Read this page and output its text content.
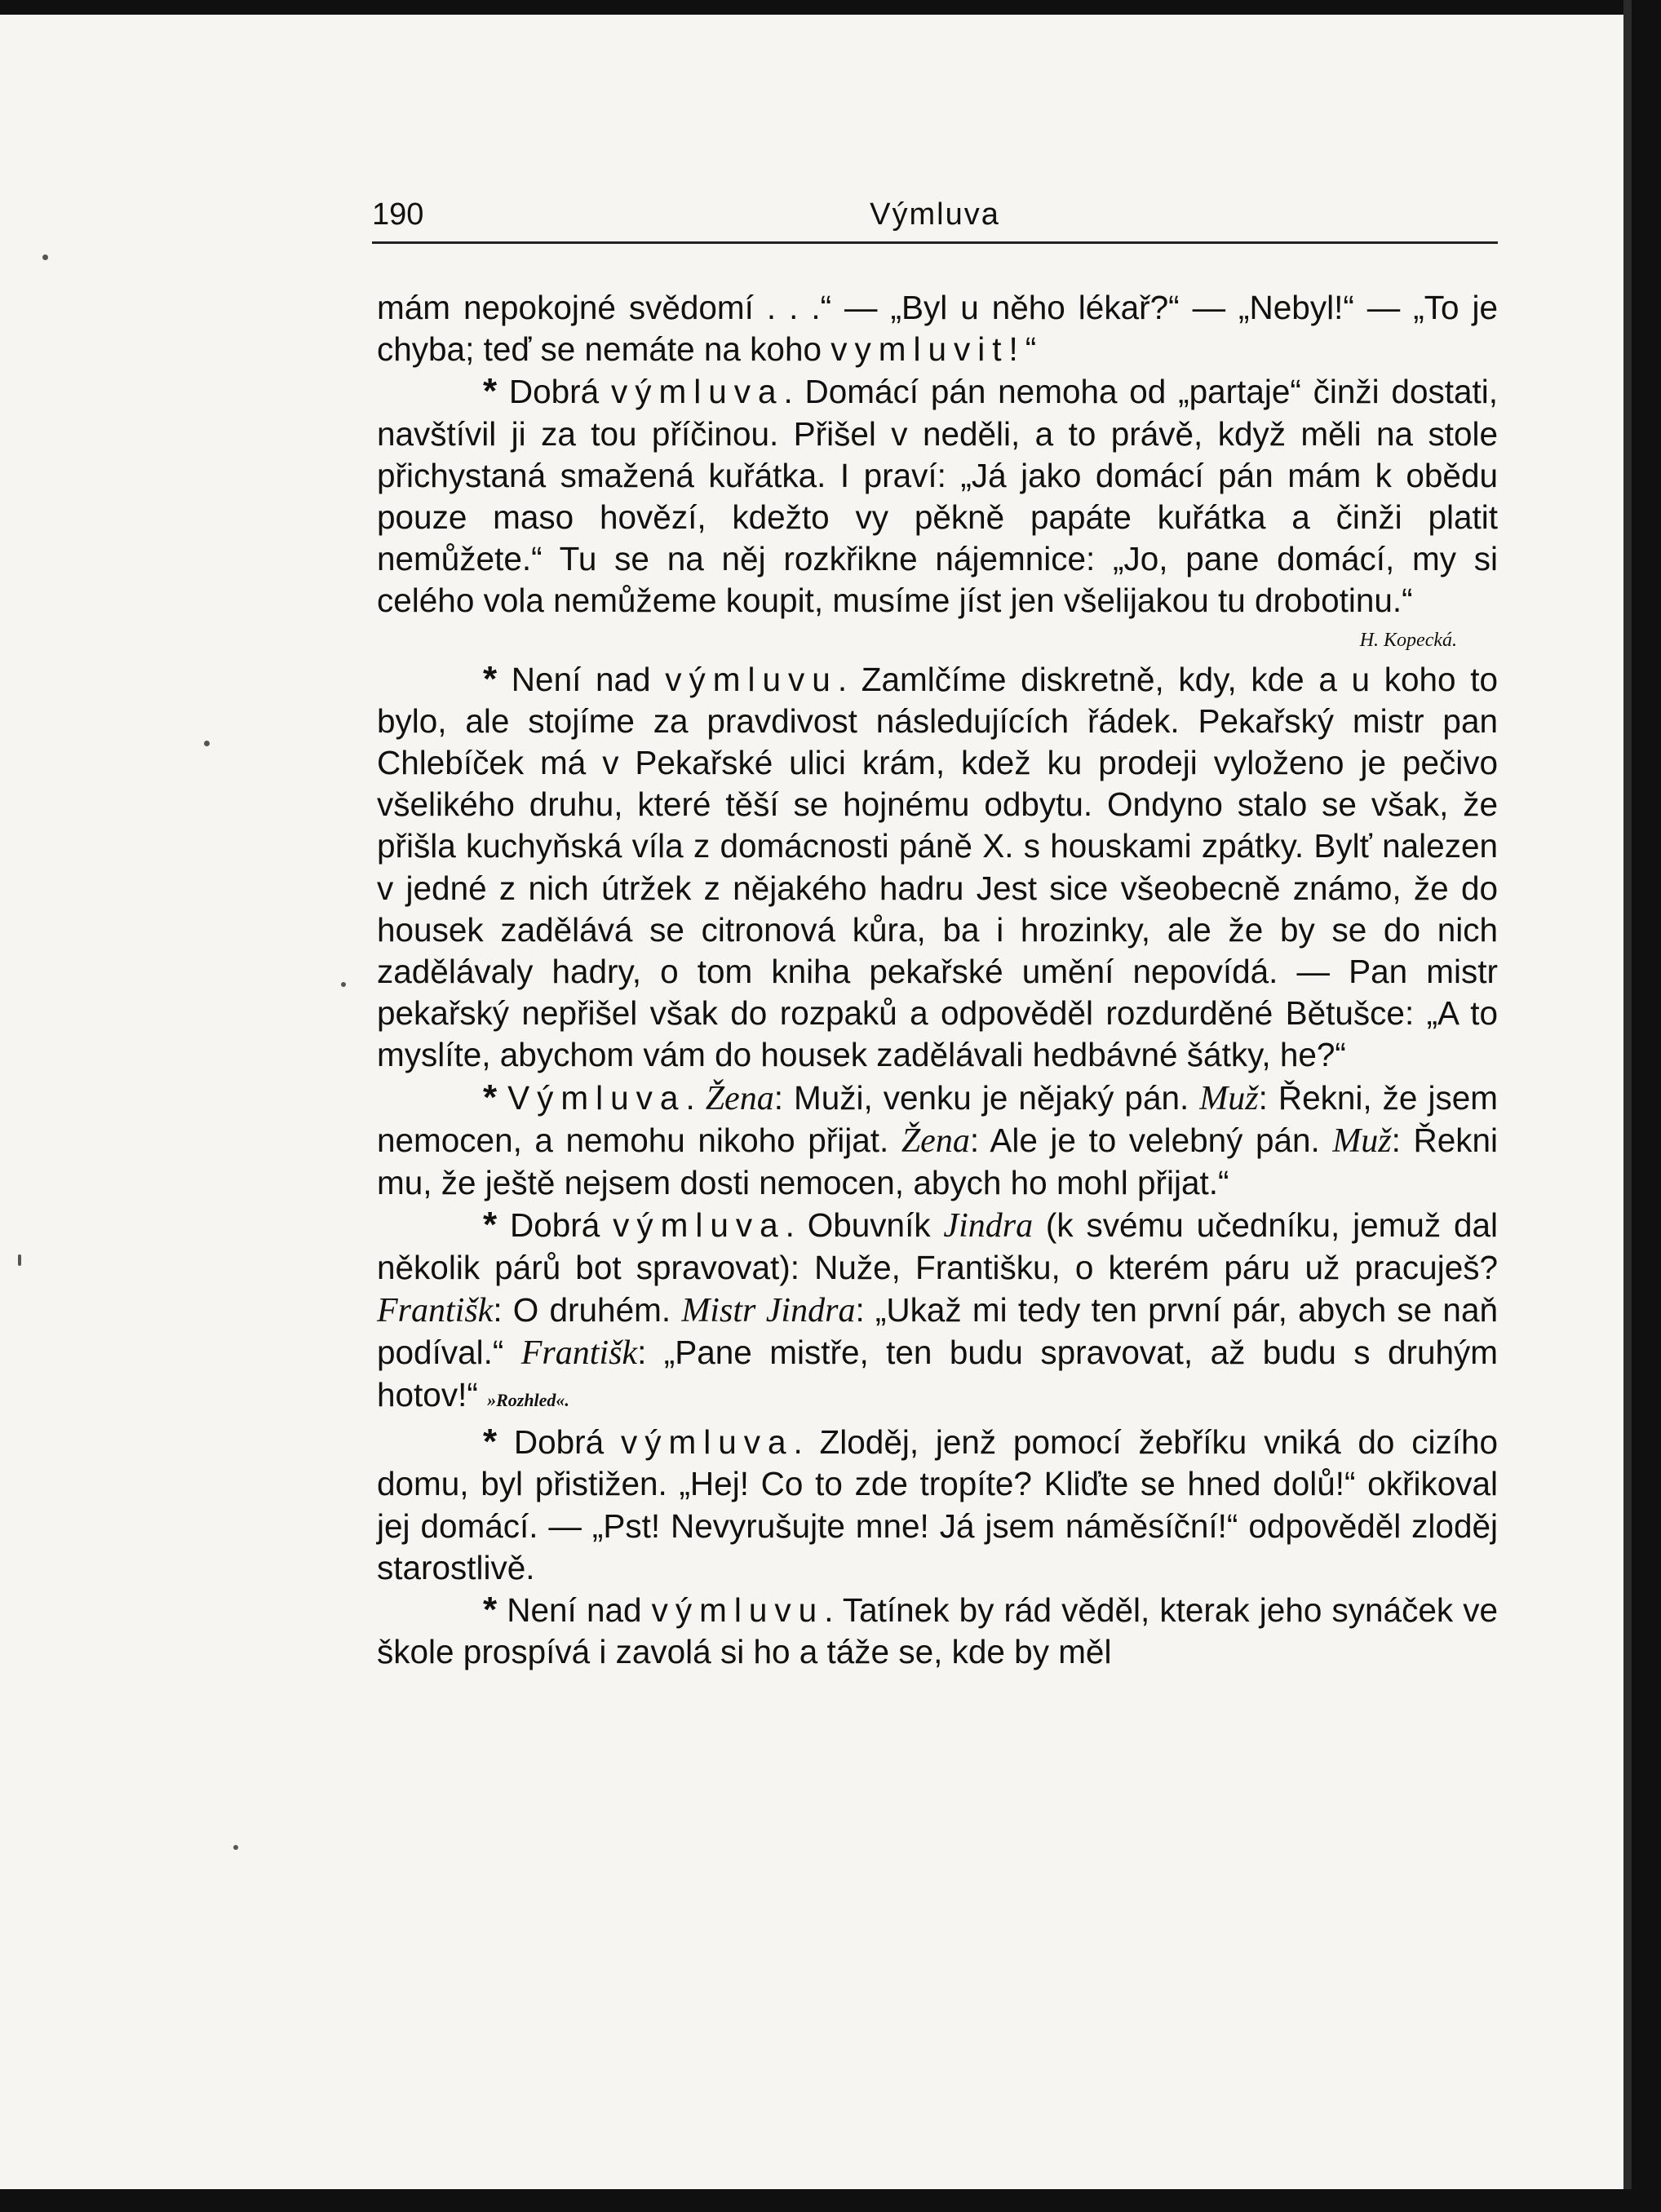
190	Výmluva

mám nepokojné svědomí . . .“ — „Byl u něho lékař?“ — „Nebyl!“ — „To je chyba; teď se nemáte na koho vymluvit!“

* Dobrá výmluva. Domácí pán nemoha od „partaje“ činži dostati, navštívil ji za tou příčinou. Přišel v neděli, a to právě, když měli na stole přichystaná smažená kuřátka. I praví: „Já jako domácí pán mám k obědu pouze maso hovězí, kdežto vy pěkně papáte kuřátka a činži platit nemůžete.“ Tu se na něj rozkřikne nájemnice: „Jo, pane domácí, my si celého vola nemůžeme koupit, musíme jíst jen všelijakou tu drobotinu.“

H. Kopecká.

* Není nad výmluvu. Zamlčíme diskretně, kdy, kde a u koho to bylo, ale stojíme za pravdivost následujících řádek. Pekařský mistr pan Chlebíček má v Pekařské ulici krám, kdež ku prodeji vyloženo je pečivo všelikého druhu, které těší se hojnému odbytu. Ondyno stalo se však, že přišla kuchyňská víla z domácnosti páně X. s houskami zpátky. Bylť nalezen v jedné z nich útržek z nějakého hadru Jest sice všeobecně známo, že do housek zadělává se citronová kůra, ba i hrozinky, ale že by se do nich zadělávaly hadry, o tom kniha pekařské umění nepovídá. — Pan mistr pekařský nepřišel však do rozpaků a odpověděl rozdurděné Bětušce: „A to myslíte, abychom vám do housek zadělávali hedbávné šátky, he?“

* Výmluva. Žena: Muži, venku je nějaký pán. Muž: Řekni, že jsem nemocen, a nemohu nikoho přijat. Žena: Ale je to velebný pán. Muž: Řekni mu, že ještě nejsem dosti nemocen, abych ho mohl přijat.“

* Dobrá výmluva. Obuvník Jindra (k svému učedníku, jemuž dal několik párů bot spravovat): Nuže, Františku, o kterém páru už pracuješ? Františk: O druhém. Mistr Jindra: „Ukaž mi tedy ten první pár, abych se naň podíval.“ Františk: „Pane mistře, ten budu spravovat, až budu s druhým hotov!“ »Rozhled«.

* Dobrá výmluva. Zloděj, jenž pomocí žebříku vniká do cizího domu, byl přistižen. „Hej! Co to zde tropíte? Kliďte se hned dolů!“ okřikoval jej domácí. — „Pst! Nevyrušujte mne! Já jsem náměsíční!“ odpověděl zloděj starostlivě.

* Není nad výmluvu. Tatínek by rád věděl, kterak jeho synáček ve škole prospívá i zavolá si ho a táže se, kde by měl
